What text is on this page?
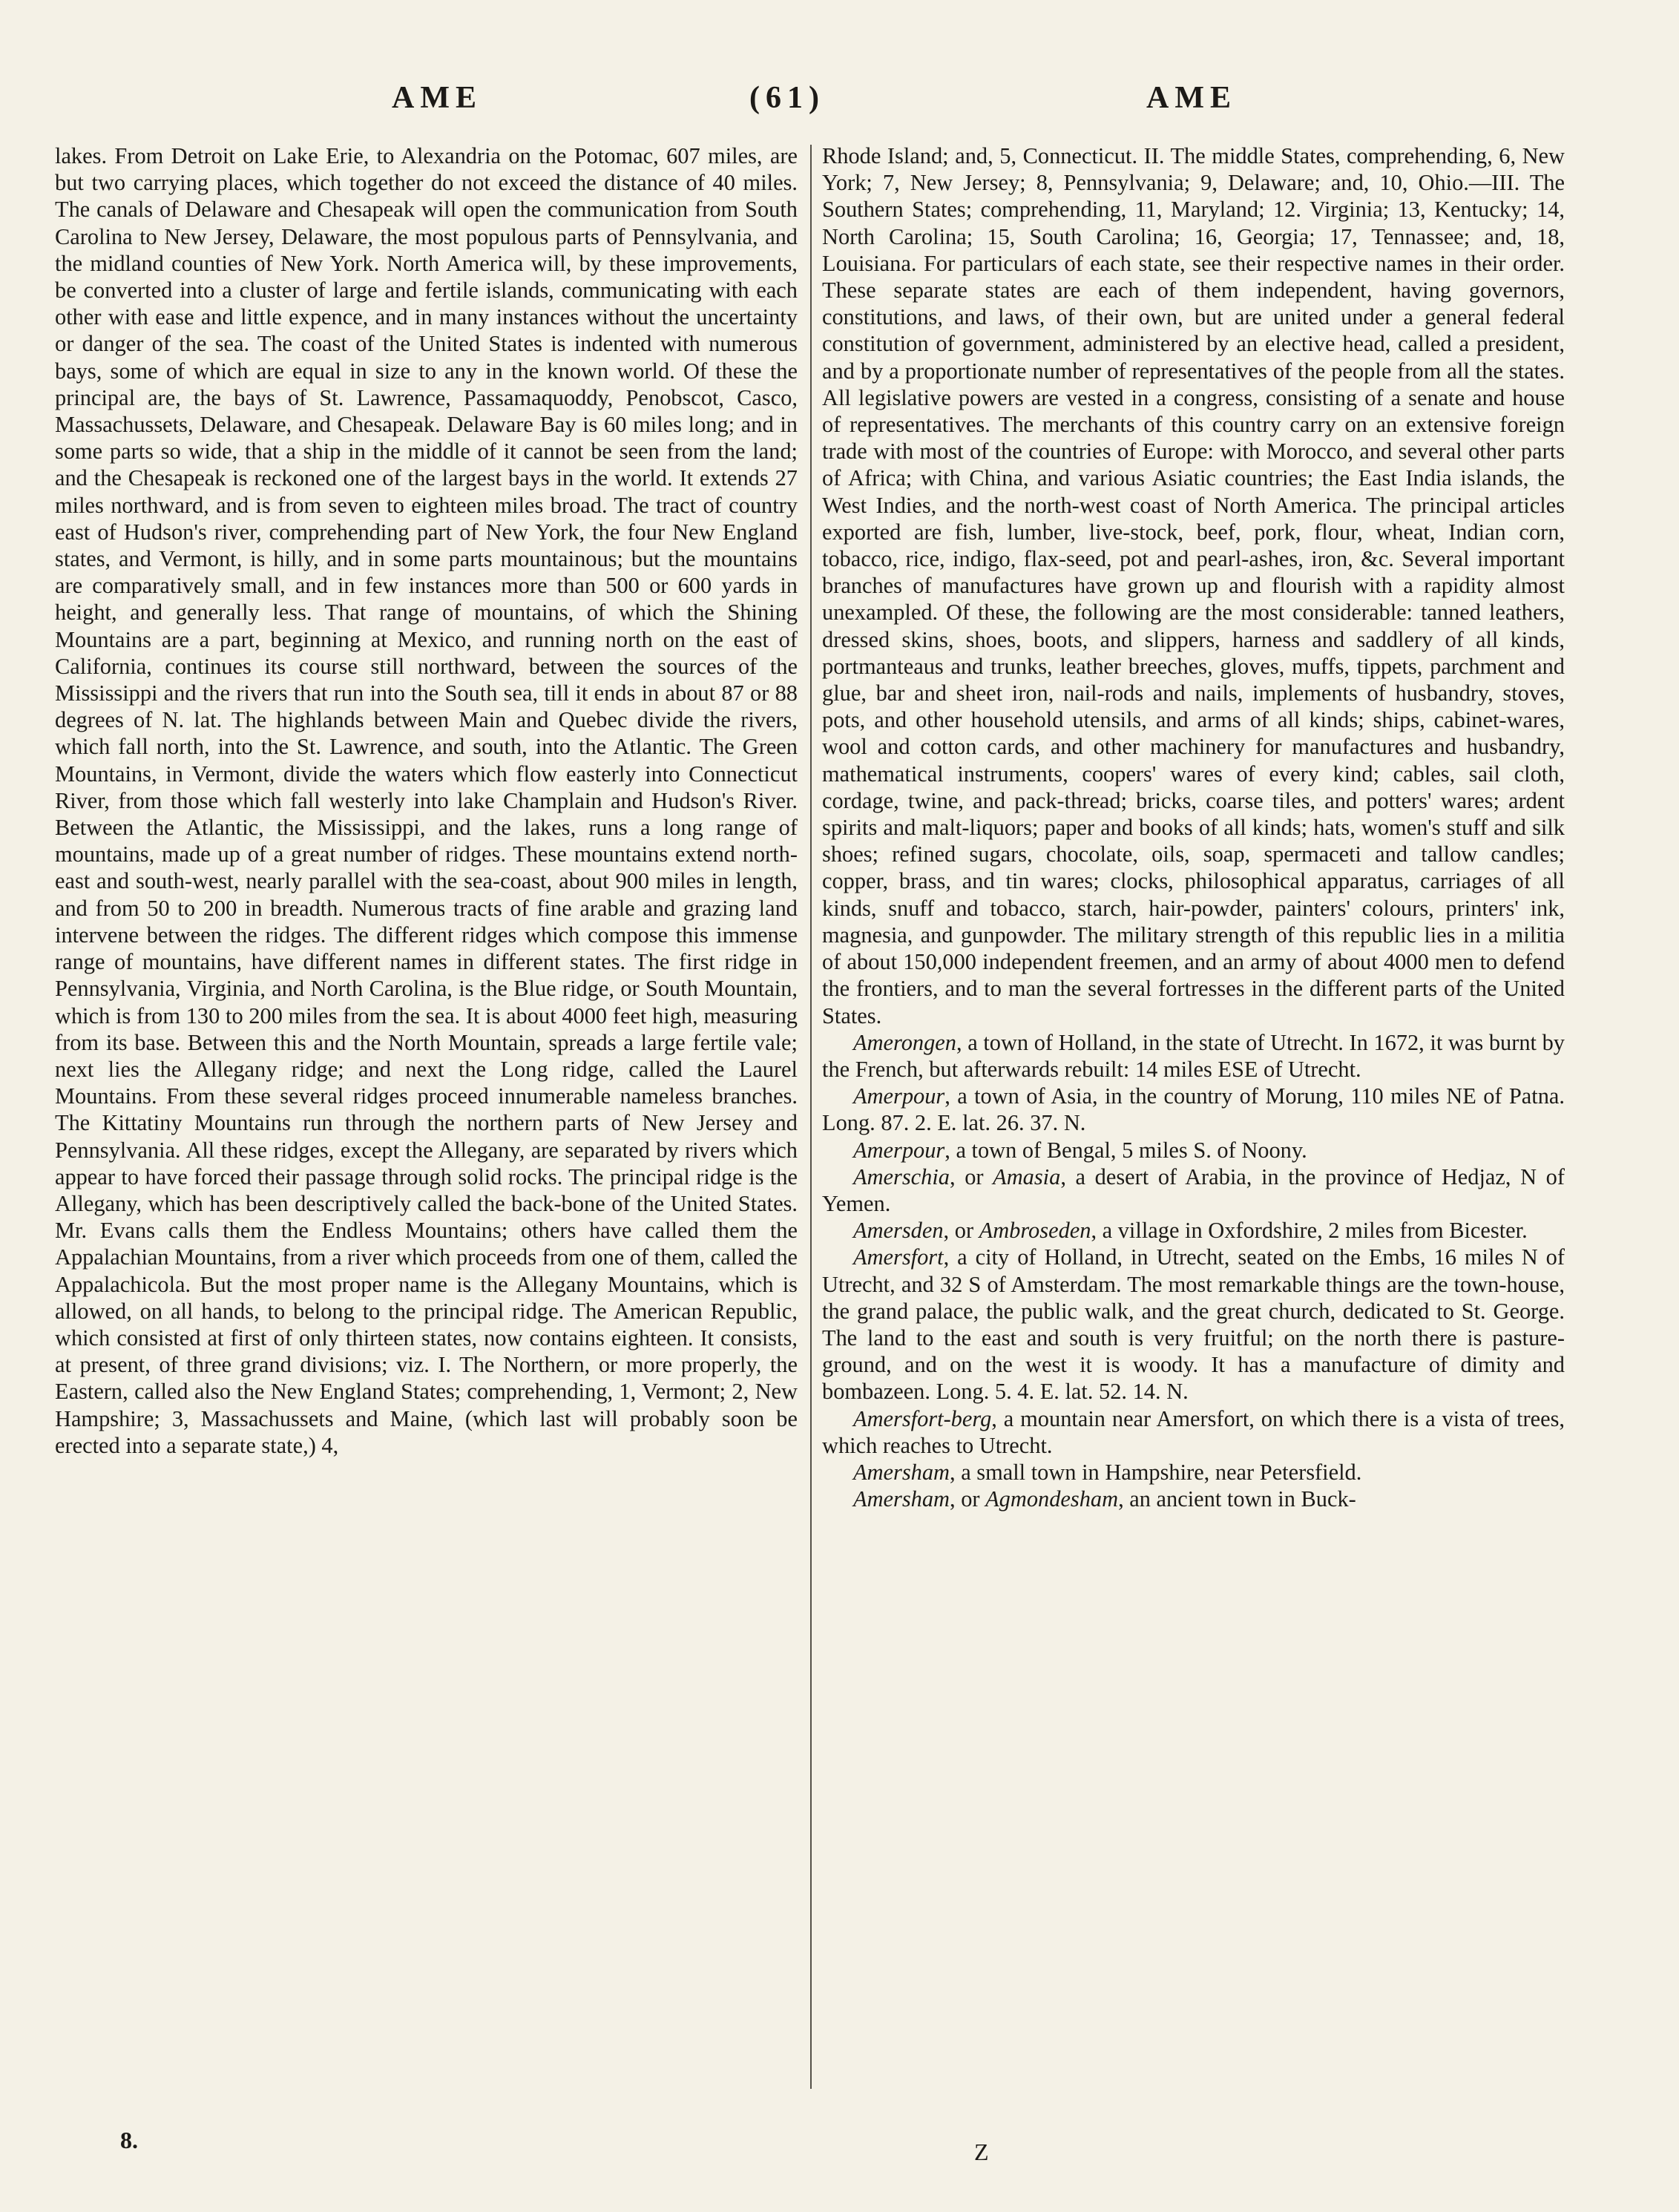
AME	(61)	AME

lakes. From Detroit on Lake Erie, to Alexandria on the Potomac, 607 miles, are but two carrying places, which together do not exceed the distance of 40 miles. The canals of Delaware and Chesapeak will open the communication from South Carolina to New Jersey, Delaware, the most populous parts of Pennsylvania, and the midland counties of New York. North America will, by these improvements, be converted into a cluster of large and fertile islands, communicating with each other with ease and little expence, and in many instances without the uncertainty or danger of the sea. The coast of the United States is indented with numerous bays, some of which are equal in size to any in the known world. Of these the principal are, the bays of St. Lawrence, Passamaquoddy, Penobscot, Casco, Massachussets, Delaware, and Chesapeak. Delaware Bay is 60 miles long; and in some parts so wide, that a ship in the middle of it cannot be seen from the land; and the Chesapeak is reckoned one of the largest bays in the world. It extends 27 miles northward, and is from seven to eighteen miles broad. The tract of country east of Hudson's river, comprehending part of New York, the four New England states, and Vermont, is hilly, and in some parts mountainous; but the mountains are comparatively small, and in few instances more than 500 or 600 yards in height, and generally less. That range of mountains, of which the Shining Mountains are a part, beginning at Mexico, and running north on the east of California, continues its course still northward, between the sources of the Mississippi and the rivers that run into the South sea, till it ends in about 87 or 88 degrees of N. lat. The highlands between Main and Quebec divide the rivers, which fall north, into the St. Lawrence, and south, into the Atlantic. The Green Mountains, in Vermont, divide the waters which flow easterly into Connecticut River, from those which fall westerly into lake Champlain and Hudson's River. Between the Atlantic, the Mississippi, and the lakes, runs a long range of mountains, made up of a great number of ridges. These mountains extend north-east and south-west, nearly parallel with the sea-coast, about 900 miles in length, and from 50 to 200 in breadth. Numerous tracts of fine arable and grazing land intervene between the ridges. The different ridges which compose this immense range of mountains, have different names in different states. The first ridge in Pennsylvania, Virginia, and North Carolina, is the Blue ridge, or South Mountain, which is from 130 to 200 miles from the sea. It is about 4000 feet high, measuring from its base. Between this and the North Mountain, spreads a large fertile vale; next lies the Allegany ridge; and next the Long ridge, called the Laurel Mountains. From these several ridges proceed innumerable nameless branches. The Kittatiny Mountains run through the northern parts of New Jersey and Pennsylvania. All these ridges, except the Allegany, are separated by rivers which appear to have forced their passage through solid rocks. The principal ridge is the Allegany, which has been descriptively called the back-bone of the United States. Mr. Evans calls them the Endless Mountains; others have called them the Appalachian Mountains, from a river which proceeds from one of them, called the Appalachicola. But the most proper name is the Allegany Mountains, which is allowed, on all hands, to belong to the principal ridge. The American Republic, which consisted at first of only thirteen states, now contains eighteen. It consists, at present, of three grand divisions; viz. I. The Northern, or more properly, the Eastern, called also the New England States; comprehending, 1, Vermont; 2, New Hampshire; 3, Massachussets and Maine, (which last will probably soon be erected into a separate state,) 4,

Rhode Island; and, 5, Connecticut. II. The middle States, comprehending, 6, New York; 7, New Jersey; 8, Pennsylvania; 9, Delaware; and, 10, Ohio.—III. The Southern States; comprehending, 11, Maryland; 12. Virginia; 13, Kentucky; 14, North Carolina; 15, South Carolina; 16, Georgia; 17, Tennassee; and, 18, Louisiana. For particulars of each state, see their respective names in their order. These separate states are each of them independent, having governors, constitutions, and laws, of their own, but are united under a general federal constitution of government, administered by an elective head, called a president, and by a proportionate number of representatives of the people from all the states. All legislative powers are vested in a congress, consisting of a senate and house of representatives. The merchants of this country carry on an extensive foreign trade with most of the countries of Europe: with Morocco, and several other parts of Africa; with China, and various Asiatic countries; the East India islands, the West Indies, and the north-west coast of North America. The principal articles exported are fish, lumber, live-stock, beef, pork, flour, wheat, Indian corn, tobacco, rice, indigo, flax-seed, pot and pearl-ashes, iron, &c. Several important branches of manufactures have grown up and flourish with a rapidity almost unexampled. Of these, the following are the most considerable: tanned leathers, dressed skins, shoes, boots, and slippers, harness and saddlery of all kinds, portmanteaus and trunks, leather breeches, gloves, muffs, tippets, parchment and glue, bar and sheet iron, nail-rods and nails, implements of husbandry, stoves, pots, and other household utensils, and arms of all kinds; ships, cabinet-wares, wool and cotton cards, and other machinery for manufactures and husbandry, mathematical instruments, coopers' wares of every kind; cables, sail cloth, cordage, twine, and pack-thread; bricks, coarse tiles, and potters' wares; ardent spirits and malt-liquors; paper and books of all kinds; hats, women's stuff and silk shoes; refined sugars, chocolate, oils, soap, spermaceti and tallow candles; copper, brass, and tin wares; clocks, philosophical apparatus, carriages of all kinds, snuff and tobacco, starch, hair-powder, painters' colours, printers' ink, magnesia, and gunpowder. The military strength of this republic lies in a militia of about 150,000 independent freemen, and an army of about 4000 men to defend the frontiers, and to man the several fortresses in the different parts of the United States.

Amerongen, a town of Holland, in the state of Utrecht. In 1672, it was burnt by the French, but afterwards rebuilt: 14 miles ESE of Utrecht.

Amerpour, a town of Asia, in the country of Morung, 110 miles NE of Patna. Long. 87. 2. E. lat. 26. 37. N.

Amerpour, a town of Bengal, 5 miles S. of Noony.

Amerschia, or Amasia, a desert of Arabia, in the province of Hedjaz, N of Yemen.

Amersden, or Ambroseden, a village in Oxfordshire, 2 miles from Bicester.

Amersfort, a city of Holland, in Utrecht, seated on the Embs, 16 miles N of Utrecht, and 32 S of Amsterdam. The most remarkable things are the town-house, the grand palace, the public walk, and the great church, dedicated to St. George. The land to the east and south is very fruitful; on the north there is pasture-ground, and on the west it is woody. It has a manufacture of dimity and bombazeen. Long. 5. 4. E. lat. 52. 14. N.

Amersfort-berg, a mountain near Amersfort, on which there is a vista of trees, which reaches to Utrecht.

Amersham, a small town in Hampshire, near Petersfield.

Amersham, or Agmondesham, an ancient town in Buck-

8.	Z
